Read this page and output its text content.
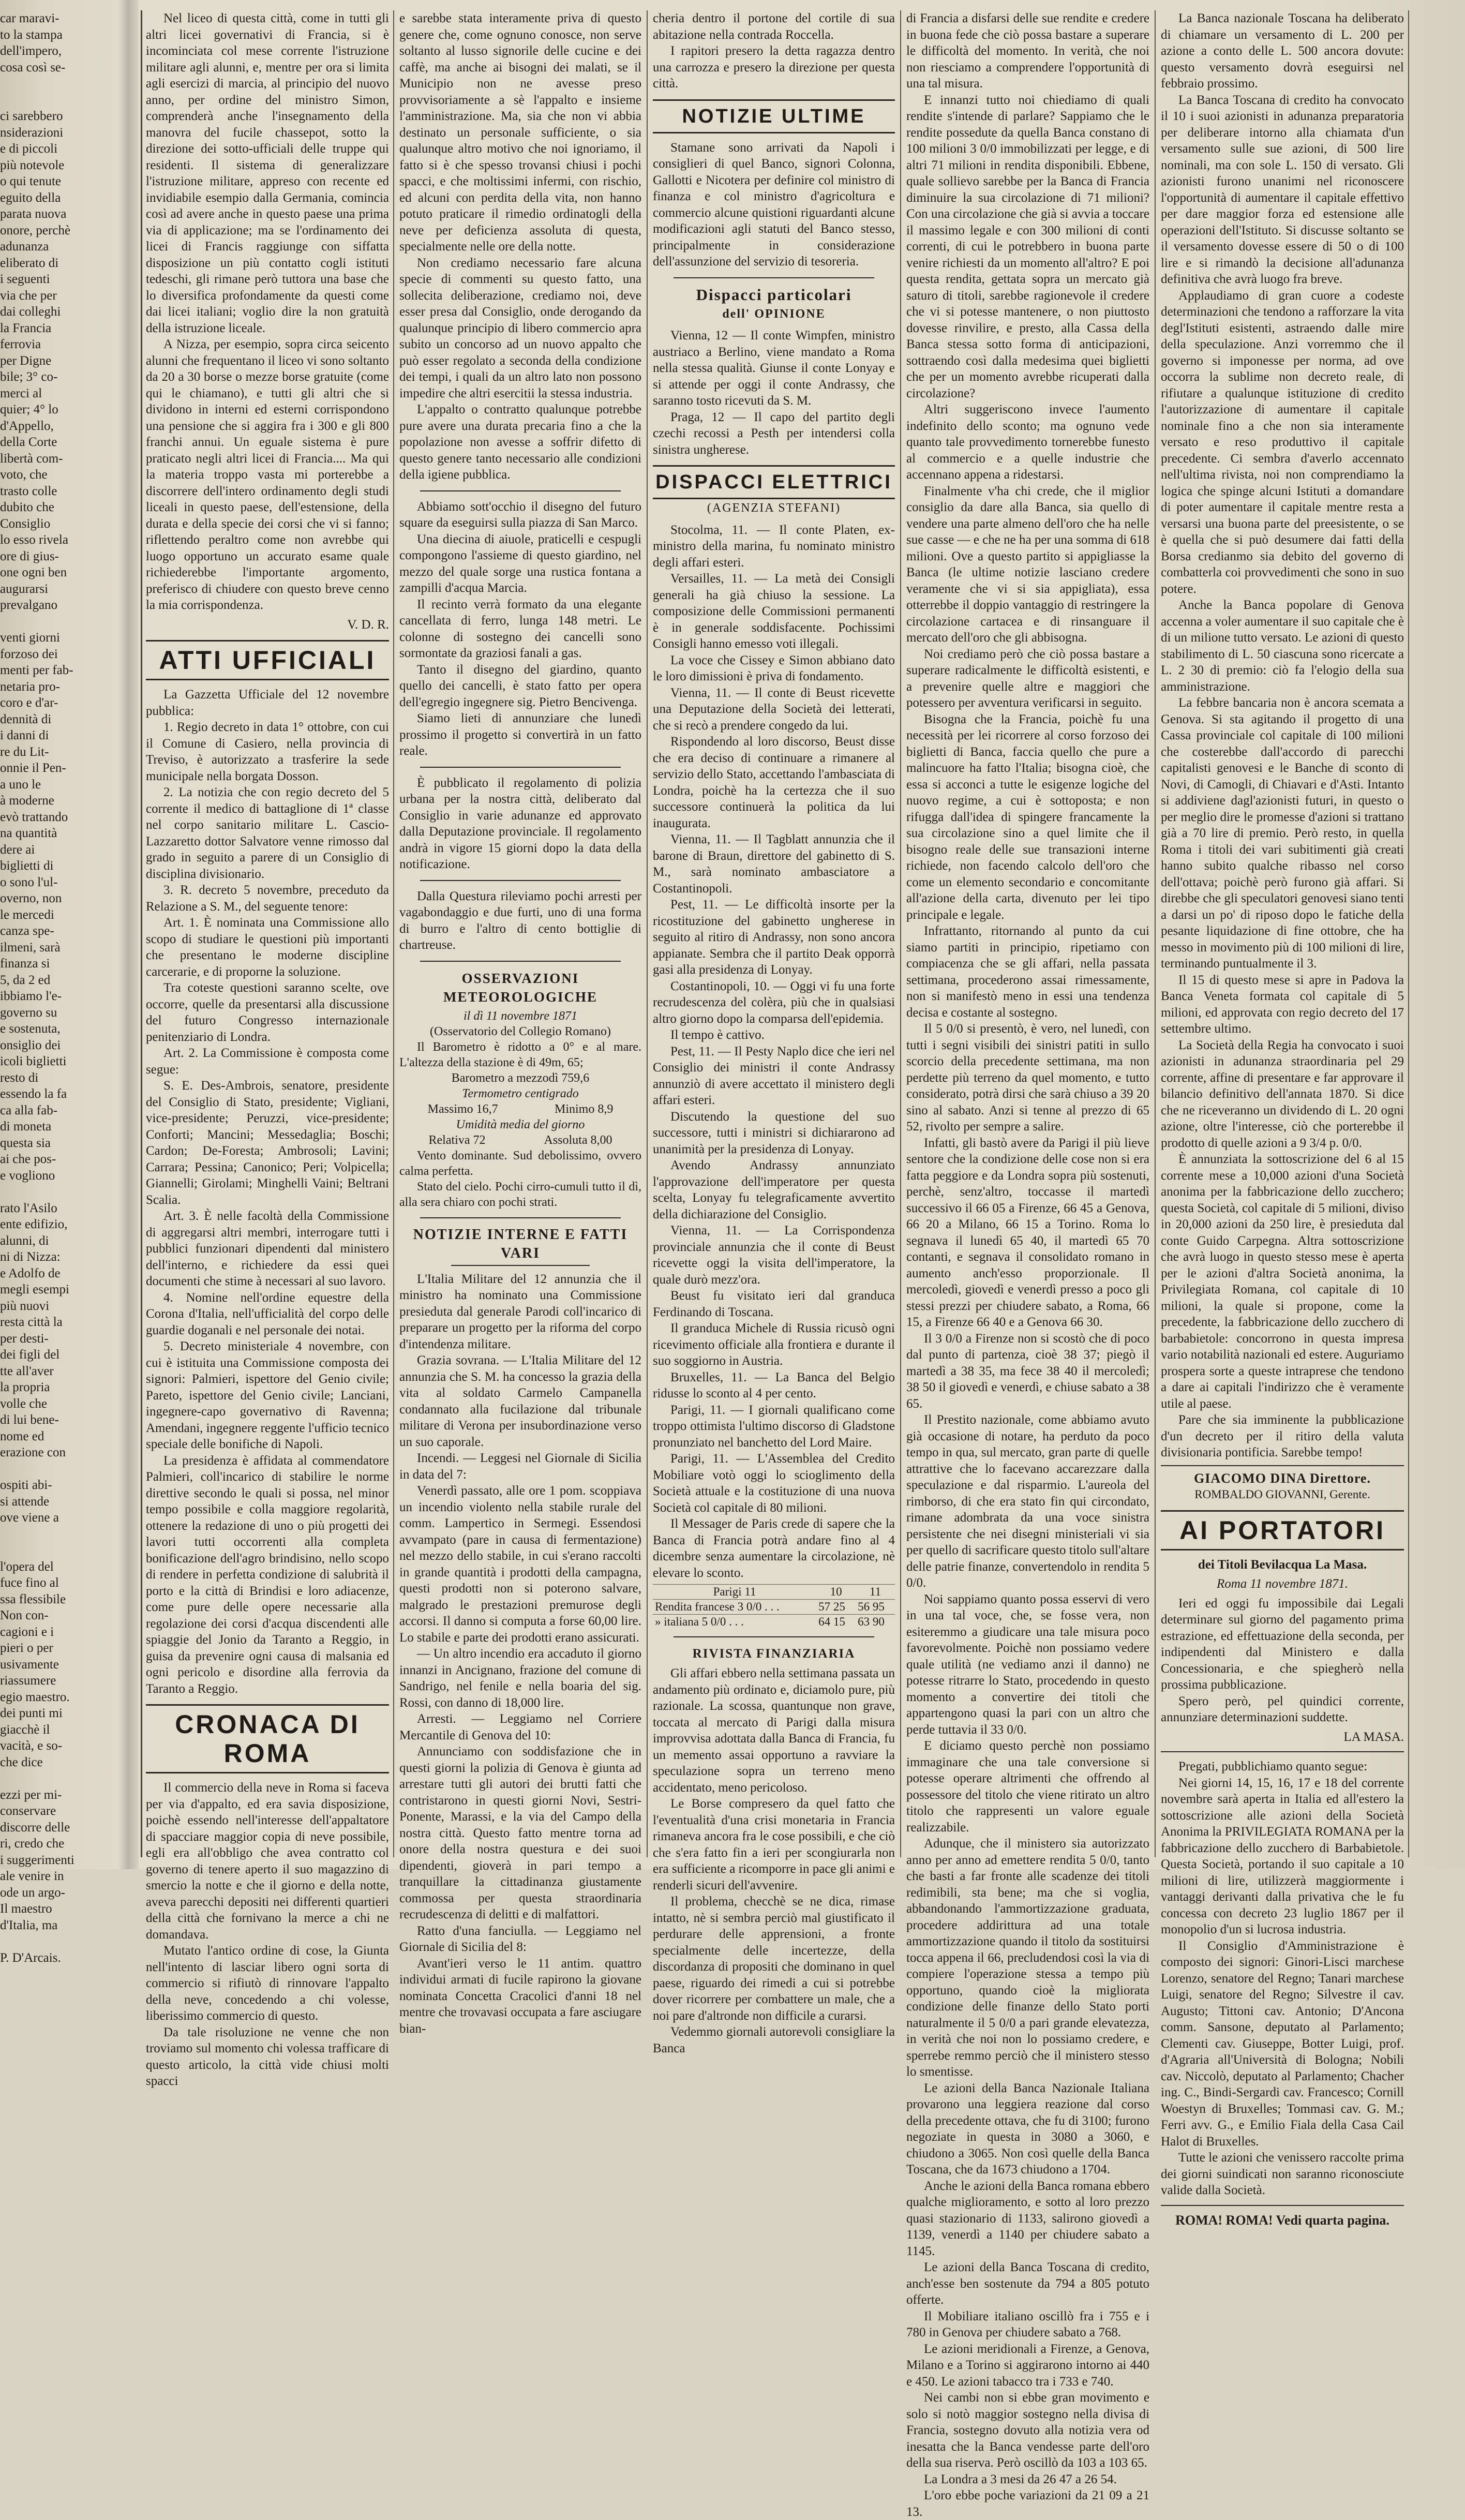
car maravi-
to la stampa
dell'impero,
cosa così se-

ci sarebbero
nsiderazioni
e di piccoli
più notevole
o qui tenute
eguito della
parata nuova
onore, perchè
adunanza
eliberato di
i seguenti
via che per
dai colleghi
la Francia
ferrovia
per Digne
bile; 3° co-
merci al
quier; 4° lo
d'Appello,
della Corte
libertà com-
voto, che
trasto colle
dubito che
Consiglio
lo esso rivela
ore di gius-
one ogni ben
augurarsi
prevalgano

venti giorni
forzoso dei
menti per fab-
netaria pro-
coro e d'ar-
dennità di
i danni di
re du Lit-
onnie il Pen-
a uno le
à moderne
evò trattando
na quantità
dere ai
biglietti di
o sono l'ul-
overno, non
le mercedi
canza spe-
ilmeni, sarà
finanza si
5, da 2 ed
ibbiamo l'e-
governo su
e sostenuta,
onsiglio dei
icoli biglietti
resto di
essendo la fa
ca alla fab-
di moneta
questa sia
ai che pos-
e vogliono

rato l'Asilo
ente edifizio,
alunni, di
ni di Nizza:
e Adolfo de
megli esempi
più nuovi
resta città la
per desti-
dei figli del
tte all'aver
la propria
volle che
di lui bene-
nome ed
erazione con

ospiti abi-
si attende
ove viene a

l'opera del
fuce fino al
ssa flessibile
Non con-
cagioni e i
pieri o per
usivamente
riassumere
egio maestro.
dei punti mi
giacchè il
vacità, e so-
che dice

ezzi per mi-
conservare
discorre delle
ri, credo che
i suggerimenti
ale venire in
ode un argo-
Il maestro
d'Italia, ma

P. D'Arcais.

Nel liceo di questa città, come in tutti gli altri licei governativi di Francia, si è incominciata col mese corrente l'istruzione militare agli alunni, e, mentre per ora si limita agli esercizi di marcia, al principio del nuovo anno, per ordine del ministro Simon, comprenderà anche l'insegnamento della manovra del fucile chassepot, sotto la direzione dei sotto-ufficiali delle truppe qui residenti. Il sistema di generalizzare l'istruzione militare, appreso con recente ed invidiabile esempio dalla Germania, comincia così ad avere anche in questo paese una prima via di applicazione; ma se l'ordinamento dei licei di Francis raggiunge con siffatta disposizione un più contatto cogli istituti tedeschi, gli rimane però tuttora una base che lo diversifica profondamente da questi come dai licei italiani; voglio dire la non gratuità della istruzione liceale.

A Nizza, per esempio, sopra circa seicento alunni che frequentano il liceo vi sono soltanto da 20 a 30 borse o mezze borse gratuite (come qui le chiamano), e tutti gli altri che si dividono in interni ed esterni corrispondono una pensione che si aggira fra i 300 e gli 800 franchi annui. Un eguale sistema è pure praticato negli altri licei di Francia.... Ma qui la materia troppo vasta mi porterebbe a discorrere dell'intero ordinamento degli studi liceali in questo paese, dell'estensione, della durata e della specie dei corsi che vi si fanno; riflettendo peraltro come non avrebbe qui luogo opportuno un accurato esame quale richiederebbe l'importante argomento, preferisco di chiudere con questo breve cenno la mia corrispondenza.

V. D. R.
ATTI UFFICIALI

La Gazzetta Ufficiale del 12 novembre pubblica:

1. Regio decreto in data 1° ottobre, con cui il Comune di Casiero, nella provincia di Treviso, è autorizzato a trasferire la sede municipale nella borgata Dosson.

2. La notizia che con regio decreto del 5 corrente il medico di battaglione di 1ª classe nel corpo sanitario militare L. Cascio-Lazzaretto dottor Salvatore venne rimosso dal grado in seguito a parere di un Consiglio di disciplina divisionario.

3. R. decreto 5 novembre, preceduto da Relazione a S. M., del seguente tenore:

Art. 1. È nominata una Commissione allo scopo di studiare le questioni più importanti che presentano le moderne discipline carcerarie, e di proporne la soluzione.

Tra coteste questioni saranno scelte, ove occorre, quelle da presentarsi alla discussione del futuro Congresso internazionale penitenziario di Londra.

Art. 2. La Commissione è composta come segue:

S. E. Des-Ambrois, senatore, presidente del Consiglio di Stato, presidente; Vigliani, vice-presidente; Peruzzi, vice-presidente; Conforti; Mancini; Messedaglia; Boschi; Cardon; De-Foresta; Ambrosoli; Lavini; Carrara; Pessina; Canonico; Peri; Volpicella; Giannelli; Girolami; Minghelli Vaini; Beltrani Scalia.

Art. 3. È nelle facoltà della Commissione di aggregarsi altri membri, interrogare tutti i pubblici funzionari dipendenti dal ministero dell'interno, e richiedere da essi quei documenti che stime à necessari al suo lavoro.

4. Nomine nell'ordine equestre della Corona d'Italia, nell'ufficialità del corpo delle guardie doganali e nel personale dei notai.

5. Decreto ministeriale 4 novembre, con cui è istituita una Commissione composta dei signori: Palmieri, ispettore del Genio civile; Pareto, ispettore del Genio civile; Lanciani, ingegnere-capo governativo di Ravenna; Amendani, ingegnere reggente l'ufficio tecnico speciale delle bonifiche di Napoli.

La presidenza è affidata al commendatore Palmieri, coll'incarico di stabilire le norme direttive secondo le quali si possa, nel minor tempo possibile e colla maggiore regolarità, ottenere la redazione di uno o più progetti dei lavori tutti occorrenti alla completa bonificazione dell'agro brindisino, nello scopo di rendere in perfetta condizione di salubrità il porto e la città di Brindisi e loro adiacenze, come pure delle opere necessarie alla regolazione dei corsi d'acqua discendenti alle spiaggie del Jonio da Taranto a Reggio, in guisa da prevenire ogni causa di malsania ed ogni pericolo e disordine alla ferrovia da Taranto a Reggio.

CRONACA DI ROMA

Il commercio della neve in Roma si faceva per via d'appalto, ed era savia disposizione, poichè essendo nell'interesse dell'appaltatore di spacciare maggior copia di neve possibile, egli era all'obbligo che avea contratto col governo di tenere aperto il suo magazzino di smercio la notte e che il giorno e della notte, aveva parecchi depositi nei differenti quartieri della città che fornivano la merce a chi ne domandava.

Mutato l'antico ordine di cose, la Giunta nell'intento di lasciar libero ogni sorta di commercio si rifiutò di rinnovare l'appalto della neve, concedendo a chi volesse, liberissimo commercio di questo.

Da tale risoluzione ne venne che non troviamo sul momento chi volessa trafficare di questo articolo, la città vide chiusi molti spacci

e sarebbe stata interamente priva di questo genere che, come ognuno conosce, non serve soltanto al lusso signorile delle cucine e dei caffè, ma anche ai bisogni dei malati, se il Municipio non ne avesse preso provvisoriamente a sè l'appalto e insieme l'amministrazione. Ma, sia che non vi abbia destinato un personale sufficiente, o sia qualunque altro motivo che noi ignoriamo, il fatto si è che spesso trovansi chiusi i pochi spacci, e che moltissimi infermi, con rischio, ed alcuni con perdita della vita, non hanno potuto praticare il rimedio ordinatogli della neve per deficienza assoluta di questa, specialmente nelle ore della notte.

Non crediamo necessario fare alcuna specie di commenti su questo fatto, una sollecita deliberazione, crediamo noi, deve esser presa dal Consiglio, onde derogando da qualunque principio di libero commercio apra subito un concorso ad un nuovo appalto che può esser regolato a seconda della condizione dei tempi, i quali da un altro lato non possono impedire che altri esercitii la stessa industria.

L'appalto o contratto qualunque potrebbe pure avere una durata precaria fino a che la popolazione non avesse a soffrir difetto di questo genere tanto necessario alle condizioni della igiene pubblica.

Abbiamo sott'occhio il disegno del futuro square da eseguirsi sulla piazza di San Marco.

Una diecina di aiuole, praticelli e cespugli compongono l'assieme di questo giardino, nel mezzo del quale sorge una rustica fontana a zampilli d'acqua Marcia.

Il recinto verrà formato da una elegante cancellata di ferro, lunga 148 metri. Le colonne di sostegno dei cancelli sono sormontate da graziosi fanali a gas.

Tanto il disegno del giardino, quanto quello dei cancelli, è stato fatto per opera dell'egregio ingegnere sig. Pietro Bencivenga.

Siamo lieti di annunziare che lunedì prossimo il progetto si convertirà in un fatto reale.

È pubblicato il regolamento di polizia urbana per la nostra città, deliberato dal Consiglio in varie adunanze ed approvato dalla Deputazione provinciale. Il regolamento andrà in vigore 15 giorni dopo la data della notificazione.

Dalla Questura rileviamo pochi arresti per vagabondaggio e due furti, uno di una forma di burro e l'altro di cento bottiglie di chartreuse.

OSSERVAZIONI METEOROLOGICHE
il dì 11 novembre 1871
(Osservatorio del Collegio Romano)

Il Barometro è ridotto a 0° e al mare. L'altezza della stazione è di 49m, 65;

Barometro a mezzodì 759,6
Termometro centigrado
Massimo 16,7	Minimo 8,9
Umidità media del giorno
Relativa 72	Assoluta 8,00

Vento dominante. Sud debolissimo, ovvero calma perfetta.

Stato del cielo. Pochi cirro-cumuli tutto il dì, alla sera chiaro con pochi strati.

NOTIZIE INTERNE E FATTI VARI

L'Italia Militare del 12 annunzia che il ministro ha nominato una Commissione presieduta dal generale Parodi coll'incarico di preparare un progetto per la riforma del corpo d'intendenza militare.

Grazia sovrana. — L'Italia Militare del 12 annunzia che S. M. ha concesso la grazia della vita al soldato Carmelo Campanella condannato alla fucilazione dal tribunale militare di Verona per insubordinazione verso un suo caporale.

Incendi. — Leggesi nel Giornale di Sicilia in data del 7:

Venerdì passato, alle ore 1 pom. scoppiava un incendio violento nella stabile rurale del comm. Lampertico in Sermegi. Essendosi avvampato (pare in causa di fermentazione) nel mezzo dello stabile, in cui s'erano raccolti in grande quantità i prodotti della campagna, questi prodotti non si poterono salvare, malgrado le prestazioni premurose degli accorsi. Il danno si computa a forse 60,00 lire. Lo stabile e parte dei prodotti erano assicurati.

— Un altro incendio era accaduto il giorno innanzi in Ancignano, frazione del comune di Sandrigo, nel fenile e nella boaria del sig. Rossi, con danno di 18,000 lire.

Arresti. — Leggiamo nel Corriere Mercantile di Genova del 10:

Annunciamo con soddisfazione che in questi giorni la polizia di Genova è giunta ad arrestare tutti gli autori dei brutti fatti che contristarono in questi giorni Novi, Sestri-Ponente, Marassi, e la via del Campo della nostra città. Questo fatto mentre torna ad onore della nostra questura e dei suoi dipendenti, gioverà in pari tempo a tranquillare la cittadinanza giustamente commossa per questa straordinaria recrudescenza di delitti e di malfattori.

Ratto d'una fanciulla. — Leggiamo nel Giornale di Sicilia del 8:

Avant'ieri verso le 11 antim. quattro individui armati di fucile rapirono la giovane nominata Concetta Cracolici d'anni 18 nel mentre che trovavasi occupata a fare asciugare bian-

cheria dentro il portone del cortile di sua abitazione nella contrada Roccella.

I rapitori presero la detta ragazza dentro una carrozza e presero la direzione per questa città.

NOTIZIE ULTIME

Stamane sono arrivati da Napoli i consiglieri di quel Banco, signori Colonna, Gallotti e Nicotera per definire col ministro di finanza e col ministro d'agricoltura e commercio alcune quistioni riguardanti alcune modificazioni agli statuti del Banco stesso, principalmente in considerazione dell'assunzione del servizio di tesoreria.

Dispacci particolari
dell' OPINIONE

Vienna, 12 — Il conte Wimpfen, ministro austriaco a Berlino, viene mandato a Roma nella stessa qualità. Giunse il conte Lonyay e si attende per oggi il conte Andrassy, che saranno tosto ricevuti da S. M.

Praga, 12 — Il capo del partito degli czechi recossi a Pesth per intendersi colla sinistra ungherese.

DISPACCI ELETTRICI
(AGENZIA STEFANI)

Stocolma, 11. — Il conte Platen, ex-ministro della marina, fu nominato ministro degli affari esteri.

Versailles, 11. — La metà dei Consigli generali ha già chiuso la sessione. La composizione delle Commissioni permanenti è in generale soddisfacente. Pochissimi Consigli hanno emesso voti illegali.

La voce che Cissey e Simon abbiano dato le loro dimissioni è priva di fondamento.

Vienna, 11. — Il conte di Beust ricevette una Deputazione della Società dei letterati, che si recò a prendere congedo da lui.

Rispondendo al loro discorso, Beust disse che era deciso di continuare a rimanere al servizio dello Stato, accettando l'ambasciata di Londra, poichè ha la certezza che il suo successore continuerà la politica da lui inaugurata.

Vienna, 11. — Il Tagblatt annunzia che il barone di Braun, direttore del gabinetto di S. M., sarà nominato ambasciatore a Costantinopoli.

Pest, 11. — Le difficoltà insorte per la ricostituzione del gabinetto ungherese in seguito al ritiro di Andrassy, non sono ancora appianate. Sembra che il partito Deak opporrà gasi alla presidenza di Lonyay.

Costantinopoli, 10. — Oggi vi fu una forte recrudescenza del colèra, più che in qualsiasi altro giorno dopo la comparsa dell'epidemia.

Il tempo è cattivo.

Pest, 11. — Il Pesty Naplo dice che ieri nel Consiglio dei ministri il conte Andrassy annunziò di avere accettato il ministero degli affari esteri.

Discutendo la questione del suo successore, tutti i ministri si dichiararono ad unanimità per la presidenza di Lonyay.

Avendo Andrassy annunziato l'approvazione dell'imperatore per questa scelta, Lonyay fu telegraficamente avvertito della dichiarazione del Consiglio.

Vienna, 11. — La Corrispondenza provinciale annunzia che il conte di Beust ricevette oggi la visita dell'imperatore, la quale durò mezz'ora.

Beust fu visitato ieri dal granduca Ferdinando di Toscana.

Il granduca Michele di Russia ricusò ogni ricevimento officiale alla frontiera e durante il suo soggiorno in Austria.

Bruxelles, 11. — La Banca del Belgio ridusse lo sconto al 4 per cento.

Parigi, 11. — I giornali qualificano come troppo ottimista l'ultimo discorso di Gladstone pronunziato nel banchetto del Lord Maire.

Parigi, 11. — L'Assemblea del Credito Mobiliare votò oggi lo scioglimento della Società attuale e la costituzione di una nuova Società col capitale di 80 milioni.

Il Messager de Paris crede di sapere che la Banca di Francia potrà andare fino al 4 dicembre senza aumentare la circolazione, nè elevare lo sconto.

Parigi 11	10	11
Rendita francese 3 0/0 . . .	57 25	56 95
» italiana 5 0/0 . . .	64 15	63 90
RIVISTA FINANZIARIA

Gli affari ebbero nella settimana passata un andamento più ordinato e, diciamolo pure, più razionale. La scossa, quantunque non grave, toccata al mercato di Parigi dalla misura improvvisa adottata dalla Banca di Francia, fu un memento assai opportuno a ravviare la speculazione sopra un terreno meno accidentato, meno pericoloso.

Le Borse compresero da quel fatto che l'eventualità d'una crisi monetaria in Francia rimaneva ancora fra le cose possibili, e che ciò che s'era fatto fin a ieri per scongiurarla non era sufficiente a ricomporre in pace gli animi e renderli sicuri dell'avvenire.

Il problema, checchè se ne dica, rimase intatto, nè si sembra perciò mal giustificato il perdurare delle apprensioni, a fronte specialmente delle incertezze, della discordanza di propositi che dominano in quel paese, riguardo dei rimedi a cui si potrebbe dover ricorrere per combattere un male, che a noi pare d'altronde non difficile a curarsi.

Vedemmo giornali autorevoli consigliare la Banca

di Francia a disfarsi delle sue rendite e credere in buona fede che ciò possa bastare a superare le difficoltà del momento. In verità, che noi non riesciamo a comprendere l'opportunità di una tal misura.

E innanzi tutto noi chiediamo di quali rendite s'intende di parlare? Sappiamo che le rendite possedute da quella Banca constano di 100 milioni 3 0/0 immobilizzati per legge, e di altri 71 milioni in rendita disponibili. Ebbene, quale sollievo sarebbe per la Banca di Francia diminuire la sua circolazione di 71 milioni? Con una circolazione che già si avvia a toccare il massimo legale e con 300 milioni di conti correnti, di cui le potrebbero in buona parte venire richiesti da un momento all'altro? E poi questa rendita, gettata sopra un mercato già saturo di titoli, sarebbe ragionevole il credere che vi si potesse mantenere, o non piuttosto dovesse rinvilire, e presto, alla Cassa della Banca stessa sotto forma di anticipazioni, sottraendo così dalla medesima quei biglietti che per un momento avrebbe ricuperati dalla circolazione?

Altri suggeriscono invece l'aumento indefinito dello sconto; ma ognuno vede quanto tale provvedimento tornerebbe funesto al commercio e a quelle industrie che accennano appena a ridestarsi.

Finalmente v'ha chi crede, che il miglior consiglio da dare alla Banca, sia quello di vendere una parte almeno dell'oro che ha nelle sue casse — e che ne ha per una somma di 618 milioni. Ove a questo partito si appigliasse la Banca (le ultime notizie lasciano credere veramente che vi si sia appigliata), essa otterrebbe il doppio vantaggio di restringere la circolazione cartacea e di rinsanguare il mercato dell'oro che gli abbisogna.

Noi crediamo però che ciò possa bastare a superare radicalmente le difficoltà esistenti, e a prevenire quelle altre e maggiori che potessero per avventura verificarsi in seguito.

Bisogna che la Francia, poichè fu una necessità per lei ricorrere al corso forzoso dei biglietti di Banca, faccia quello che pure a malincuore ha fatto l'Italia; bisogna cioè, che essa si acconci a tutte le esigenze logiche del nuovo regime, a cui è sottoposta; e non rifugga dall'idea di spingere francamente la sua circolazione sino a quel limite che il bisogno reale delle sue transazioni interne richiede, non facendo calcolo dell'oro che come un elemento secondario e concomitante all'azione della carta, divenuto per lei tipo principale e legale.

Infrattanto, ritornando al punto da cui siamo partiti in principio, ripetiamo con compiacenza che se gli affari, nella passata settimana, procederono assai rimessamente, non si manifestò meno in essi una tendenza decisa e costante al sostegno.

Il 5 0/0 si presentò, è vero, nel lunedì, con tutti i segni visibili dei sinistri patiti in sullo scorcio della precedente settimana, ma non perdette più terreno da quel momento, e tutto considerato, potrà dirsi che sarà chiuso a 39 20 sino al sabato. Anzi si tenne al prezzo di 65 52, rivolto per sempre a salire.

Infatti, gli bastò avere da Parigi il più lieve sentore che la condizione delle cose non si era fatta peggiore e da Londra sopra più sostenuti, perchè, senz'altro, toccasse il martedì successivo il 66 05 a Firenze, 66 45 a Genova, 66 20 a Milano, 66 15 a Torino. Roma lo segnava il lunedì 65 40, il martedì 65 70 contanti, e segnava il consolidato romano in aumento anch'esso proporzionale. Il mercoledì, giovedì e venerdì presso a poco gli stessi prezzi per chiudere sabato, a Roma, 66 15, a Firenze 66 40 e a Genova 66 30.

Il 3 0/0 a Firenze non si scostò che di poco dal punto di partenza, cioè 38 37; piegò il martedì a 38 35, ma fece 38 40 il mercoledì; 38 50 il giovedì e venerdì, e chiuse sabato a 38 65.

Il Prestito nazionale, come abbiamo avuto già occasione di notare, ha perduto da poco tempo in qua, sul mercato, gran parte di quelle attrattive che lo facevano accarezzare dalla speculazione e dal risparmio. L'aureola del rimborso, di che era stato fin qui circondato, rimane adombrata da una voce sinistra persistente che nei disegni ministeriali vi sia per quello di sacrificare questo titolo sull'altare delle patrie finanze, convertendolo in rendita 5 0/0.

Noi sappiamo quanto possa esservi di vero in una tal voce, che, se fosse vera, non esiteremmo a giudicare una tale misura poco favorevolmente. Poichè non possiamo vedere quale utilità (ne vediamo anzi il danno) ne potesse ritrarre lo Stato, procedendo in questo momento a convertire dei titoli che appartengono quasi la pari con un altro che perde tuttavia il 33 0/0.

E diciamo questo perchè non possiamo immaginare che una tale conversione si potesse operare altrimenti che offrendo al possessore del titolo che viene ritirato un altro titolo che rappresenti un valore eguale realizzabile.

Adunque, che il ministero sia autorizzato anno per anno ad emettere rendita 5 0/0, tanto che basti a far fronte alle scadenze dei titoli redimibili, sta bene; ma che si voglia, abbandonando l'ammortizzazione graduata, procedere addirittura ad una totale ammortizzazione quando il titolo da sostituirsi tocca appena il 66, precludendosi così la via di compiere l'operazione stessa a tempo più opportuno, quando cioè la migliorata condizione delle finanze dello Stato porti naturalmente il 5 0/0 a pari grande elevatezza, in verità che noi non lo possiamo credere, e sperrebe remmo perciò che il ministero stesso lo smentisse.

Le azioni della Banca Nazionale Italiana provarono una leggiera reazione dal corso della precedente ottava, che fu di 3100; furono negoziate in questa in 3080 a 3060, e chiudono a 3065. Non così quelle della Banca Toscana, che da 1673 chiudono a 1704.

Anche le azioni della Banca romana ebbero qualche miglioramento, e sotto al loro prezzo quasi stazionario di 1133, salirono giovedì a 1139, venerdì a 1140 per chiudere sabato a 1145.

Le azioni della Banca Toscana di credito, anch'esse ben sostenute da 794 a 805 potuto offerte.

Il Mobiliare italiano oscillò fra i 755 e i 780 in Genova per chiudere sabato a 768.

Le azioni meridionali a Firenze, a Genova, Milano e a Torino si aggirarono intorno ai 440 e 450. Le azioni tabacco tra i 733 e 740.

Nei cambi non si ebbe gran movimento e solo si notò maggior sostegno nella divisa di Francia, sostegno dovuto alla notizia vera od inesatta che la Banca vendesse parte dell'oro della sua riserva. Però oscillò da 103 a 103 65.

La Londra a 3 mesi da 26 47 a 26 54.

L'oro ebbe poche variazioni da 21 09 a 21 13.

La Banca nazionale Toscana ha deliberato di chiamare un versamento di L. 200 per azione a conto delle L. 500 ancora dovute: questo versamento dovrà eseguirsi nel febbraio prossimo.

La Banca Toscana di credito ha convocato il 10 i suoi azionisti in adunanza preparatoria per deliberare intorno alla chiamata d'un versamento sulle sue azioni, di 500 lire nominali, ma con sole L. 150 di versato. Gli azionisti furono unanimi nel riconoscere l'opportunità di aumentare il capitale effettivo per dare maggior forza ed estensione alle operazioni dell'Istituto. Si discusse soltanto se il versamento dovesse essere di 50 o di 100 lire e si rimandò la decisione all'adunanza definitiva che avrà luogo fra breve.

Applaudiamo di gran cuore a codeste determinazioni che tendono a rafforzare la vita degl'Istituti esistenti, astraendo dalle mire della speculazione. Anzi vorremmo che il governo si imponesse per norma, ad ove occorra la sublime non decreto reale, di rifiutare a qualunque istituzione di credito l'autorizzazione di aumentare il capitale nominale fino a che non sia interamente versato e reso produttivo il capitale precedente. Ci sembra d'averlo accennato nell'ultima rivista, noi non comprendiamo la logica che spinge alcuni Istituti a domandare di poter aumentare il capitale mentre resta a versarsi una buona parte del preesistente, o se è quella che si può desumere dai fatti della Borsa credianmo sia debito del governo di combatterla coi provvedimenti che sono in suo potere.

Anche la Banca popolare di Genova accenna a voler aumentare il suo capitale che è di un milione tutto versato. Le azioni di questo stabilimento di L. 50 ciascuna sono ricercate a L. 2 30 di premio: ciò fa l'elogio della sua amministrazione.

La febbre bancaria non è ancora scemata a Genova. Si sta agitando il progetto di una Cassa provinciale col capitale di 100 milioni che costerebbe dall'accordo di parecchi capitalisti genovesi e le Banche di sconto di Novi, di Camogli, di Chiavari e d'Asti. Intanto si addiviene dagl'azionisti futuri, in questo o per meglio dire le promesse d'azioni si trattano già a 70 lire di premio. Però resto, in quella Roma i titoli dei vari subitimenti già creati hanno subito qualche ribasso nel corso dell'ottava; poichè però furono già affari. Si direbbe che gli speculatori genovesi siano tenti a darsi un po' di riposo dopo le fatiche della pesante liquidazione di fine ottobre, che ha messo in movimento più di 100 milioni di lire, terminando puntualmente il 3.

Il 15 di questo mese si apre in Padova la Banca Veneta formata col capitale di 5 milioni, ed approvata con regio decreto del 17 settembre ultimo.

La Società della Regia ha convocato i suoi azionisti in adunanza straordinaria pel 29 corrente, affine di presentare e far approvare il bilancio definitivo dell'annata 1870. Si dice che ne riceveranno un dividendo di L. 20 ogni azione, oltre l'interesse, ciò che porterebbe il prodotto di quelle azioni a 9 3/4 p. 0/0.

È annunziata la sottoscrizione del 6 al 15 corrente mese a 10,000 azioni d'una Società anonima per la fabbricazione dello zucchero; questa Società, col capitale di 5 milioni, diviso in 20,000 azioni da 250 lire, è presieduta dal conte Guido Carpegna. Altra sottoscrizione che avrà luogo in questo stesso mese è aperta per le azioni d'altra Società anonima, la Privilegiata Romana, col capitale di 10 milioni, la quale si propone, come la precedente, la fabbricazione dello zucchero di barbabietole: concorrono in questa impresa vario notabilità nazionali ed estere. Auguriamo prospera sorte a queste intraprese che tendono a dare ai capitali l'indirizzo che è veramente utile al paese.

Pare che sia imminente la pubblicazione d'un decreto per il ritiro della valuta divisionaria pontificia. Sarebbe tempo!

GIACOMO DINA Direttore.
ROMBALDO GIOVANNI, Gerente.
AI PORTATORI
dei Titoli Bevilacqua La Masa.
Roma 11 novembre 1871.

Ieri ed oggi fu impossibile dai Legali determinare sul giorno del pagamento prima estrazione, ed effettuazione della seconda, per indipendenti dal Ministero e dalla Concessionaria, e che spiegherò nella prossima pubblicazione.

Spero però, pel quindici corrente, annunziare determinazioni suddette.

LA MASA.

Pregati, pubblichiamo quanto segue:

Nei giorni 14, 15, 16, 17 e 18 del corrente novembre sarà aperta in Italia ed all'estero la sottoscrizione alle azioni della Società Anonima la PRIVILEGIATA ROMANA per la fabbricazione dello zucchero di Barbabietole. Questa Società, portando il suo capitale a 10 milioni di lire, utilizzerà maggiormente i vantaggi derivanti dalla privativa che le fu concessa con decreto 23 luglio 1867 per il monopolio d'un si lucrosa industria.

Il Consiglio d'Amministrazione è composto dei signori: Ginori-Lisci marchese Lorenzo, senatore del Regno; Tanari marchese Luigi, senatore del Regno; Silvestre il cav. Augusto; Tittoni cav. Antonio; D'Ancona comm. Sansone, deputato al Parlamento; Clementi cav. Giuseppe, Botter Luigi, prof. d'Agraria all'Università di Bologna; Nobili cav. Niccolò, deputato al Parlamento; Chacher ing. C., Bindi-Sergardi cav. Francesco; Cornill Woestyn di Bruxelles; Tommasi cav. G. M.; Ferri avv. G., e Emilio Fiala della Casa Cail Halot di Bruxelles.

Tutte le azioni che venissero raccolte prima dei giorni suindicati non saranno riconosciute valide dalla Società.

ROMA! ROMA! Vedi quarta pagina.
